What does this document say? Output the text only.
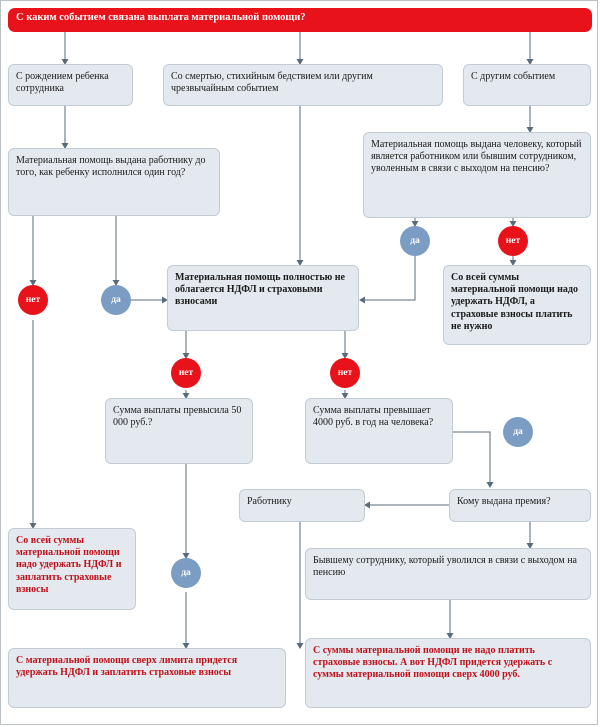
С каким событием связана выплата материальной помощи?
С рождением ребенка сотрудника
Со смертью, стихийным бедствием или другим чрезвычайным событием
С другим событием
Материальная помощь выдана работнику до того, как ребенку исполнился один год?
Материальная помощь выдана человеку, который является работником или бывшим сотрудником, уволенным в связи с выходом на пенсию?
Материальная помощь полностью не облагается НДФЛ и страховыми взносами
Со всей суммы материальной помощи надо удержать НДФЛ, а страховые взносы платить не нужно
Сумма выплаты превысила 50 000 руб.?
Сумма выплаты превышает 4000 руб. в год на человека?
Работнику	Кому выдана премия?
Бывшему сотруднику, который уволился в связи с выходом на пенсию
Со всей суммы материальной помощи надо удержать НДФЛ и заплатить страховые взносы
С материальной помощи сверх лимита придется удержать НДФЛ и заплатить страховые взносы
С суммы материальной помощи не надо платить страховые взносы. А вот НДФЛ придется удержать с суммы материальной помощи сверх 4000 руб.
нет	да
да	нет
нет	нет
да
да
